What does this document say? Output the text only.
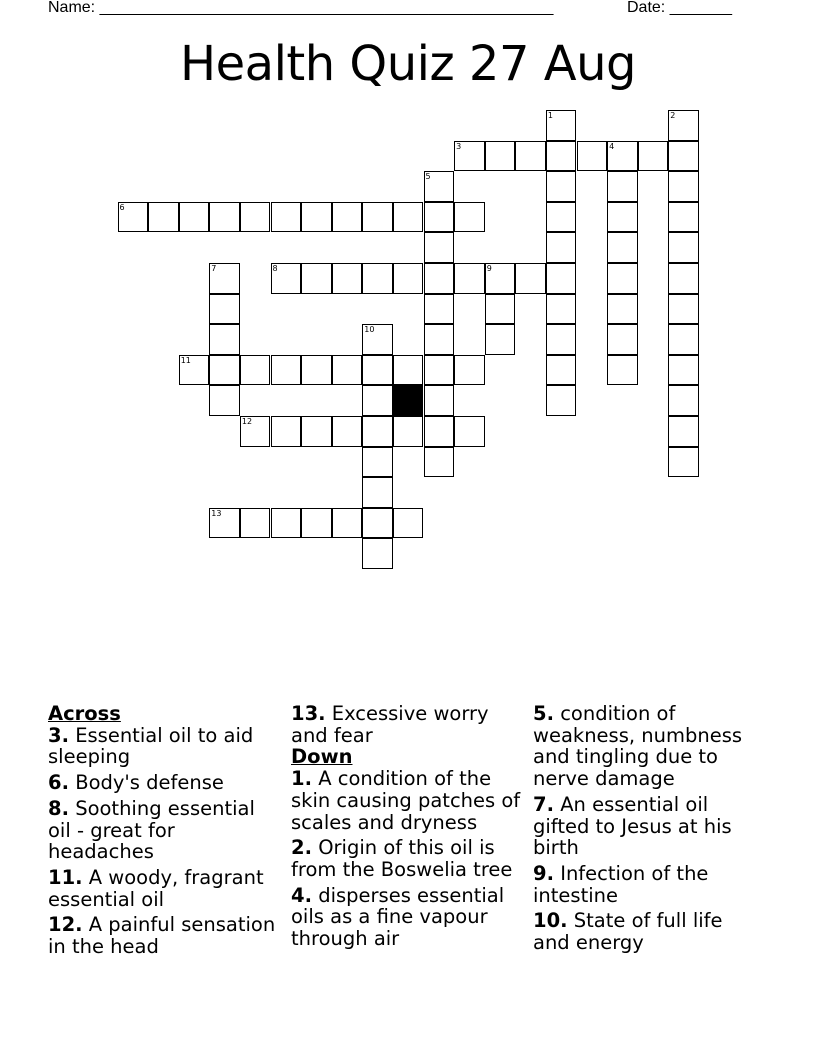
Name: ___________________________________________________	Date: _______
Health Quiz 27 Aug
1	2
3	4
5
6
7	8	9
10
11
12
13
Across
3. Essential oil to aid sleeping
6. Body's defense
8. Soothing essential oil - great for headaches
11. A woody, fragrant essential oil
12. A painful sensation in the head
13. Excessive worry and fear
Down
1. A condition of the skin causing patches of scales and dryness
2. Origin of this oil is from the Boswelia tree
4. disperses essential oils as a fine vapour through air
5. condition of weakness, numbness and tingling due to nerve damage
7. An essential oil gifted to Jesus at his birth
9. Infection of the intestine
10. State of full life and energy
